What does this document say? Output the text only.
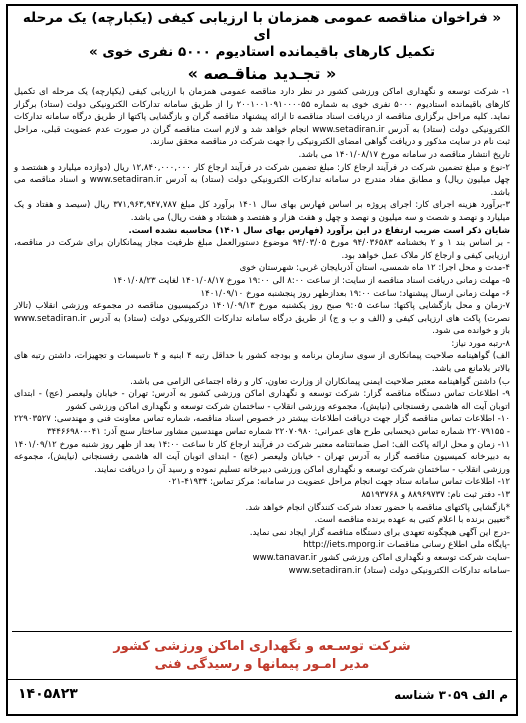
« فراخوان مناقصه عمومی همزمان با ارزیابی کیفی (یکبارچه) یک مرحله ای
تکمیل کارهای باقیمانده استادیوم ۵۰۰۰ نفری خوی »
« تجـدید مناقـصه »

۱- شرکت توسعه و نگهداری اماکن ورزشی کشور در نظر دارد مناقصه عمومی همزمان با ارزیابی کیفی (یکپارچه) یک مرحله ای تکمیل کارهای باقیمانده استادیوم ۵۰۰۰ نفری خوی به شماره ۲۰۰۱۰۰۱۰۹۱۰۰۰۰۵۵ را از طریق سامانه تدارکات الکترونیکی دولت (ستاد) برگزار نماید. کلیه مراحل برگزاری مناقصه از دریافت اسناد مناقصه تا ارائه پیشنهاد مناقصه گران و بازگشایی پاکتها از طریق درگاه سامانه تدارکات الکترونیکی دولت (ستاد) به آدرس www.setadiran.ir انجام خواهد شد و لازم است مناقصه گران در صورت عدم عضویت قبلی، مراحل ثبت نام در سایت مذکور و دریافت گواهی امضای الکترونیکی را جهت شرکت در مناقصه محقق سازند.

تاریخ انتشار مناقصه در سامانه مورخ ۱۴۰۱/۰۸/۱۷ می باشد.

۲-نوع و مبلغ تضمین شرکت در فرآیند ارجاع کار: مبلغ تضمین شرکت در فرآیند ارجاع کار ۱۲,۸۴۰,۰۰۰,۰۰۰ ریال (دوازده میلیارد و هشتصد و چهل میلیون ریال) و مطابق مفاد مندرج در سامانه تدارکات الکترونیکی دولت (ستاد) به آدرس www.setadiran.ir و اسناد مناقصه می باشد.

۳-برآورد هزینه اجرای کار: اجرای پروژه بر اساس فهارس بهای سال ۱۴۰۱ برآورد کل مبلغ ۳۷۱,۹۶۳,۹۴۷,۷۸۷ ریال (سیصد و هفتاد و یک میلیارد و نهصد و شصت و سه میلیون و نهصد و چهل و هفت هزار و هفتصد و هشتاد و هفت ریال) می باشد.

شایان ذکر است ضریب ارتفاع در این برآورد (فهارس بهای سال ۱۴۰۱) محاسبه نشده است.

- بر اساس بند ۱ و ۲ بخشنامه ۹۴/۰۳۶۵۸۳ مورخ ۹۴/۰۳/۰۵ موضوع دستورالعمل مبلغ ظرفیت مجاز پیمانکاران برای شرکت در مناقصه، ارزیابی کیفی و ارجاع کار ملاک عمل خواهد بود.

۴-مدت و محل اجرا: ۱۲ ماه شمسی، استان آذربایجان غربی: شهرستان خوی

۵- مهلت زمانی دریافت اسناد مناقصه از سایت: از ساعت ۸:۰۰ الی ۱۹:۰۰ مورخ ۱۴۰۱/۰۸/۱۷ لغایت ۱۴۰۱/۰۸/۲۳

۶- مهلت زمانی ارسال پیشنهاد: ساعت ۱۹:۰۰ بعدازظهر روز پنجشنبه مورخ ۱۴۰۱/۰۹/۱۰

۷-زمان و محل بازگشایی پاکتها: ساعت ۹:۰۵ صبح روز یکشنبه مورخ ۱۴۰۱/۰۹/۱۳ درکمیسیون مناقصه در مجموعه ورزشی انقلاب (تالار نصرت) پاکت های ارزیابی کیفی و (الف و ب و ج) از طریق درگاه سامانه تدارکات الکترونیکی دولت (ستاد) به آدرس www.setadiran.ir باز و خوانده می شود.

۸-رتبه مورد نیاز:

الف) گواهینامه صلاحیت پیمانکاری از سوی سازمان برنامه و بودجه کشور با حداقل رتبه ۴ ابنیه و ۴ تاسیسات و تجهیزات، داشتن رتبه های بالاتر بلامانع می باشد.

ب) داشتن گواهینامه معتبر صلاحیت ایمنی پیمانکاران از وزارت تعاون، کار و رفاه اجتماعی الزامی می باشد.

۹- اطلاعات تماس دستگاه مناقصه گزار: شرکت توسعه و نگهداری اماکن ورزشی کشور به آدرس: تهران - خیابان ولیعصر (عج) - ابتدای اتوبان آیت اله هاشمی رفسنجانی (نیایش)، مجموعه ورزشی انقلاب - ساختمان شرکت توسعه و نگهداری اماکن ورزشی کشور

۱۰- اطلاعات تماس مناقصه گزار جهت دریافت اطلاعات بیشتر در خصوص اسناد مناقصه، شماره تماس معاونت فنی و مهندسی: ۲۲۹۰۳۵۲۷ - ۲۲۰۷۹۱۵۵ شماره تماس ذیحسابی طرح های عمرانی: ۲۲۰۷۰۹۸۰ شماره تماس مهندسین مشاور ساختار سنج آذر: ۰۴۱-۳۴۴۶۶۹۸۰

۱۱- زمان و محل ارائه پاکت الف: اصل ضمانتنامه معتبر شرکت در فرآیند ارجاع کار تا ساعت ۱۴:۰۰ بعد از ظهر روز شنبه مورخ ۱۴۰۱/۰۹/۱۲ به دبیرخانه کمیسیون مناقصه گزار به آدرس تهران - خیابان ولیعصر (عج) - ابتدای اتوبان آیت اله هاشمی رفسنجانی (نیایش)، مجموعه ورزشی انقلاب - ساختمان شرکت توسعه و نگهداری اماکن ورزشی دبیرخانه تسلیم نموده و رسید آن را دریافت نمایند.

۱۲- اطلاعات تماس سامانه ستاد جهت انجام مراحل عضویت در سامانه: مرکز تماس: ۴۱۹۳۴-۰۲۱

۱۳- دفتر ثبت نام: ۸۸۹۶۹۷۳۷ و ۸۵۱۹۳۷۶۸

*بازگشایی پاکتهای مناقصه با حضور تعداد شرکت کنندگان انجام خواهد شد.

*تعیین برنده با اعلام کتبی به عهده برنده مناقصه است.

-درج این آگهی هیچگونه تعهدی برای دستگاه مناقصه گزار ایجاد نمی نماید.

-پایگاه ملی اطلاع رسانی مناقصات http://iets.mporg.ir

-سایت شرکت توسعه و نگهداری اماکن ورزشی کشور www.tanavar.ir

-سامانه تدارکات الکترونیکی دولت (ستاد) www.setadiran.ir

شرکت توسـعه و نگهداری اماکن ورزشی کشور
مدیر امـور پیمانها و رسیدگی فنی
م الف ۳۰۵۹ شناسه
۱۴۰۵۸۲۳
